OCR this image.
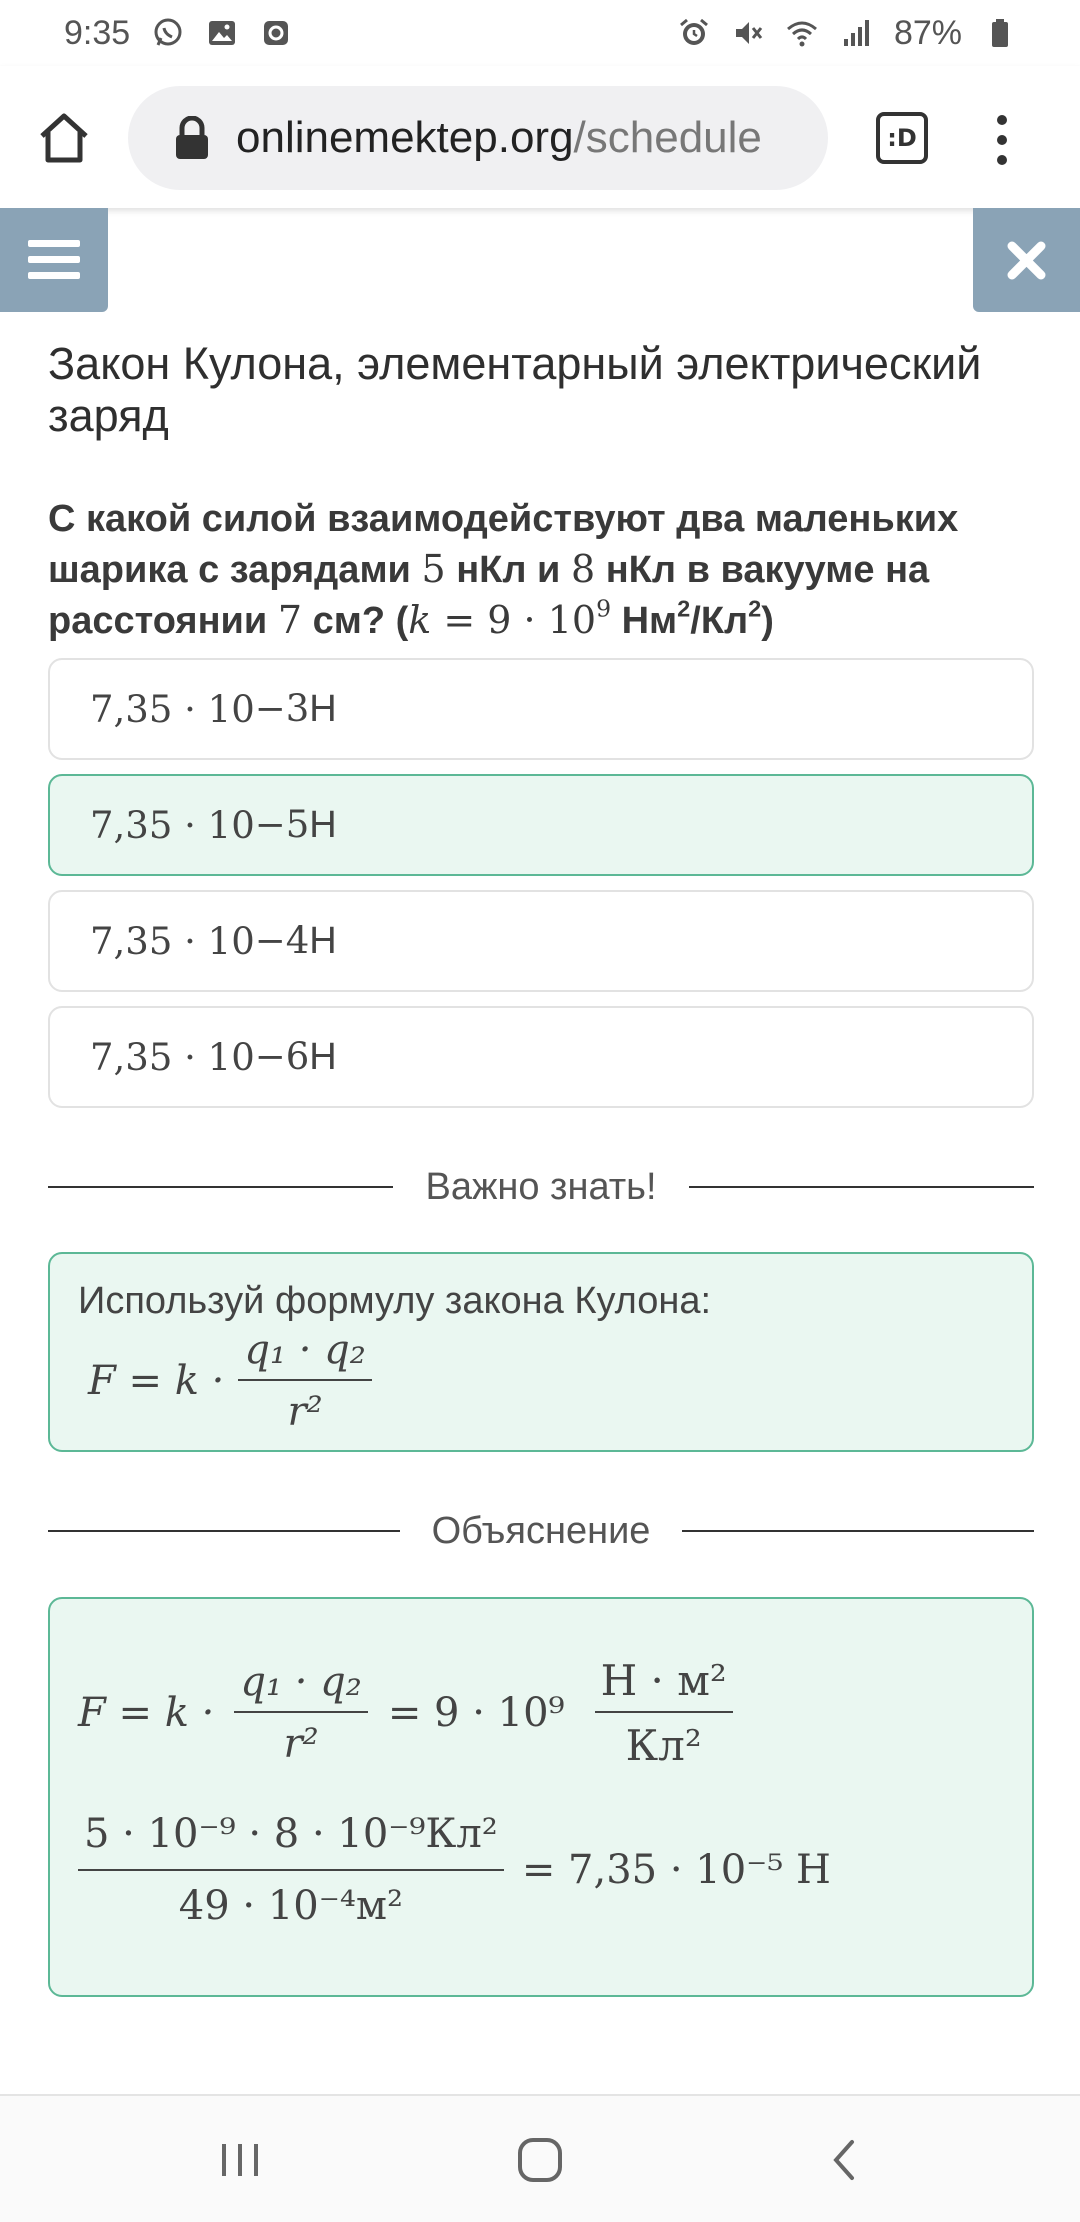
9:35	87%
onlinemektep.org/schedule	:D
Закон Кулона, элементарный электрический заряд
С какой силой взаимодействуют два маленьких шарика с зарядами 5 нКл и 8 нКл в вакууме на расстоянии 7 см? ($k = 9 \cdot 10^9$ $Нм^2/Кл^2$)
7,35 · 10 −3 Н
7,35 · 10 −5 Н
7,35 · 10 −4 Н
7,35 · 10 −6 Н
Важно знать!
Используй формулу закона Кулона:
$F = k \cdot \frac{\text{q₁ · q₂}}{\text{r²}}$
Объяснение
$F = k \cdot \frac{\text{q₁ · q₂}}{\text{r²}} = 9 \cdot 10^9 \frac{\text{Н · м²}}{\text{Кл²}}$
$\frac{\text{5 · 10⁻⁹ · 8 · 10⁻⁹Кл²}}{\text{49 · 10⁻⁴м²}} = 7,35 \cdot 10^{-5}$ Н
